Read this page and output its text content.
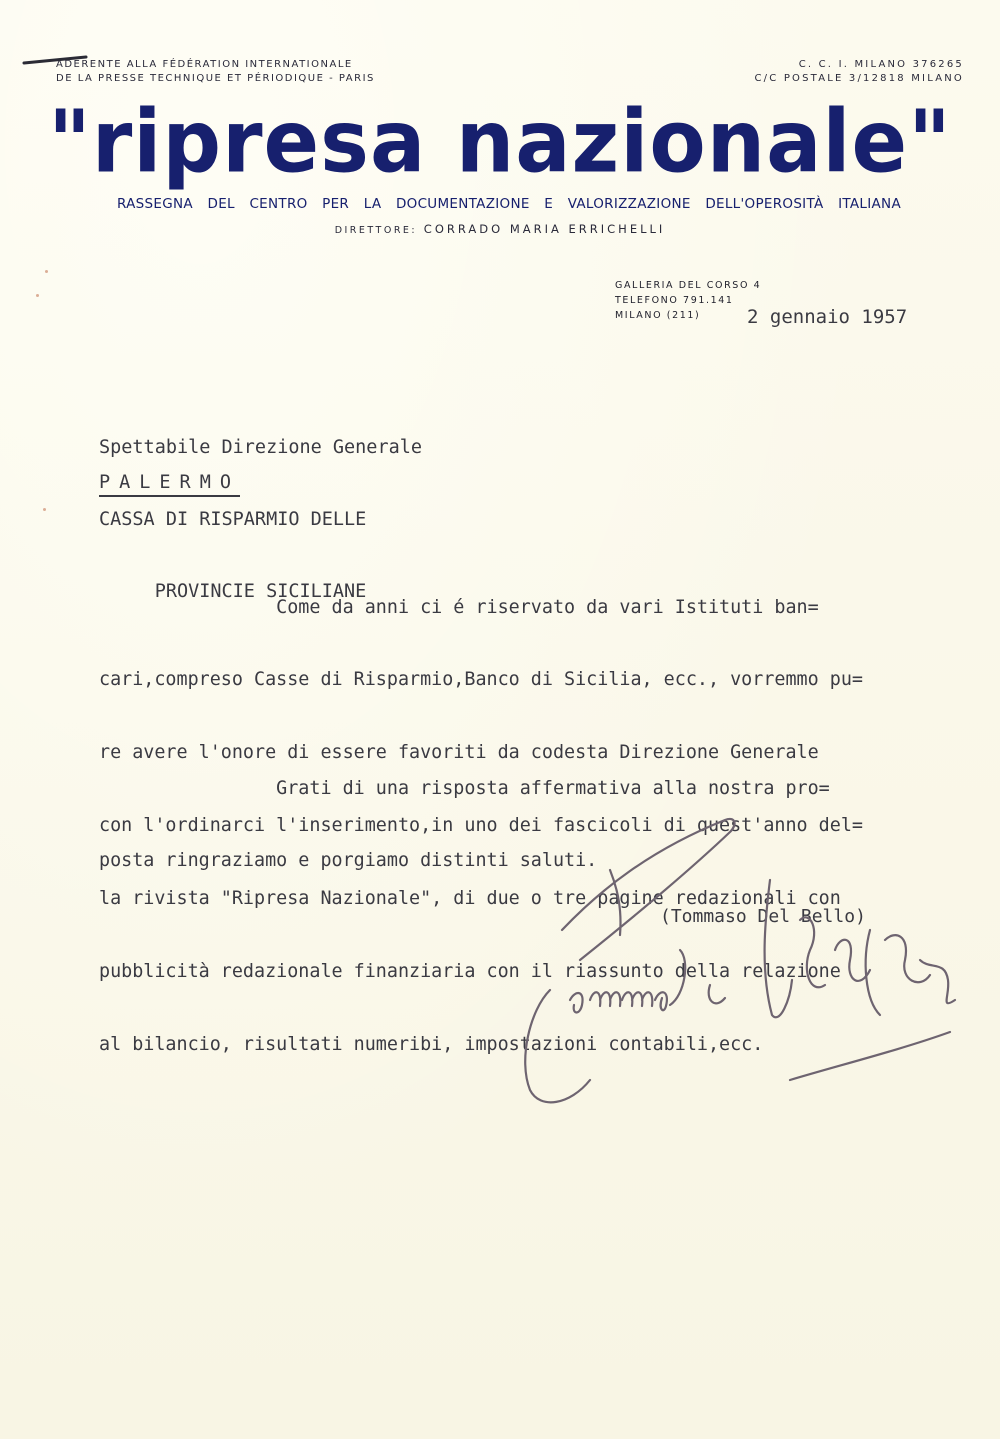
ADERENTE ALLA FÉDÉRATION INTERNATIONALE
DE LA PRESSE TECHNIQUE ET PÉRIODIQUE - PARIS
C. C. I. MILANO 376265
C/C POSTALE 3/12818 MILANO
"ripresa nazionale"
RASSEGNA DEL CENTRO PER LA DOCUMENTAZIONE E VALORIZZAZIONE DELL'OPEROSITÀ ITALIANA
DIRETTORE: CORRADO MARIA ERRICHELLI
GALLERIA DEL CORSO 4
TELEFONO 791.141
MILANO (211)	2 gennaio 1957

Spettabile Direzione Generale

CASSA DI RISPARMIO DELLE

PROVINCIE SICILIANE

PALERMO

Come da anni ci é riservato da vari Istituti ban=

cari,compreso Casse di Risparmio,Banco di Sicilia, ecc., vorremmo pu=

re avere l'onore di essere favoriti da codesta Direzione Generale

con l'ordinarci l'inserimento,in uno dei fascicoli di quest'anno del=

la rivista "Ripresa Nazionale", di due o tre pagine redazionali con

pubblicità redazionale finanziaria con il riassunto della relazione

al bilancio, risultati numeribi, impostazioni contabili,ecc.

Grati di una risposta affermativa alla nostra pro=

posta ringraziamo e porgiamo distinti saluti.

(Tommaso Del Bello)
